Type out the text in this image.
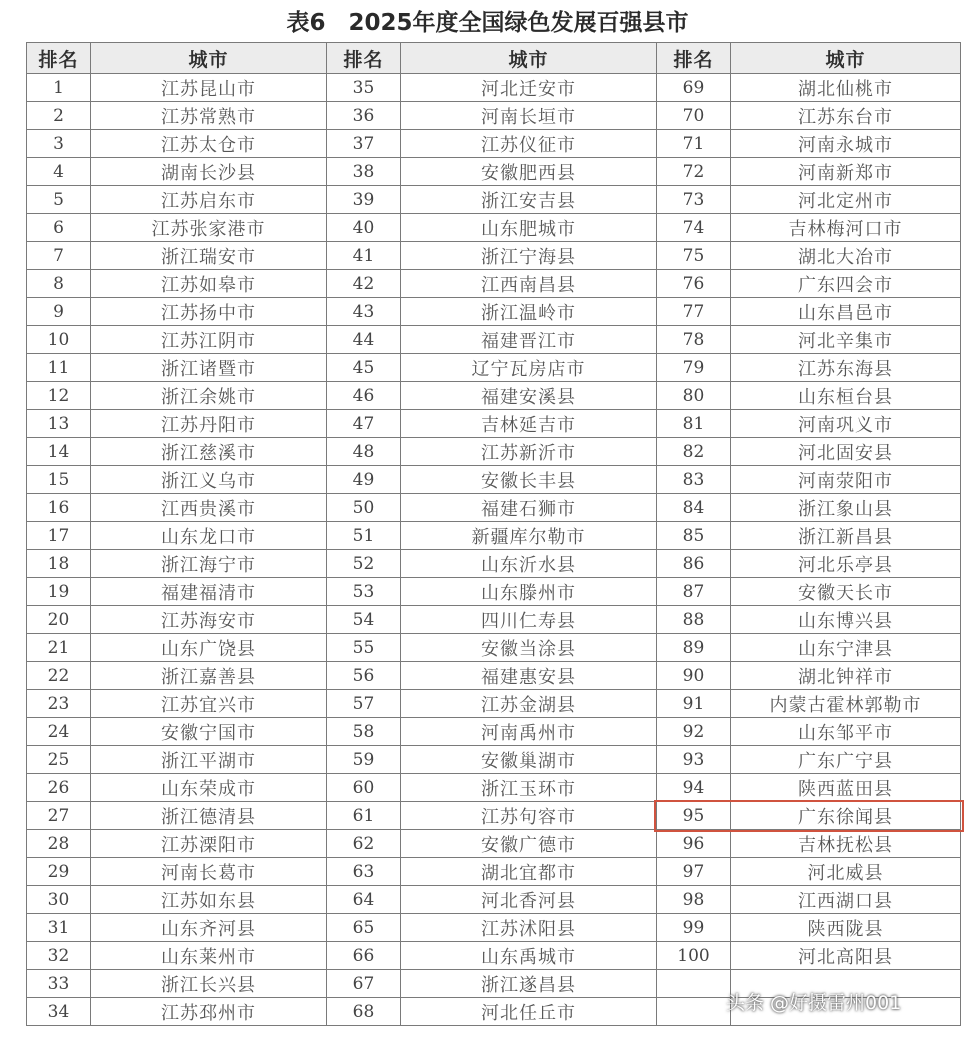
表6　2025年度全国绿色发展百强县市
排名	城市	排名	城市	排名	城市
1	江苏昆山市	35	河北迁安市	69	湖北仙桃市
2	江苏常熟市	36	河南长垣市	70	江苏东台市
3	江苏太仓市	37	江苏仪征市	71	河南永城市
4	湖南长沙县	38	安徽肥西县	72	河南新郑市
5	江苏启东市	39	浙江安吉县	73	河北定州市
6	江苏张家港市	40	山东肥城市	74	吉林梅河口市
7	浙江瑞安市	41	浙江宁海县	75	湖北大冶市
8	江苏如皋市	42	江西南昌县	76	广东四会市
9	江苏扬中市	43	浙江温岭市	77	山东昌邑市
10	江苏江阴市	44	福建晋江市	78	河北辛集市
11	浙江诸暨市	45	辽宁瓦房店市	79	江苏东海县
12	浙江余姚市	46	福建安溪县	80	山东桓台县
13	江苏丹阳市	47	吉林延吉市	81	河南巩义市
14	浙江慈溪市	48	江苏新沂市	82	河北固安县
15	浙江义乌市	49	安徽长丰县	83	河南荥阳市
16	江西贵溪市	50	福建石狮市	84	浙江象山县
17	山东龙口市	51	新疆库尔勒市	85	浙江新昌县
18	浙江海宁市	52	山东沂水县	86	河北乐亭县
19	福建福清市	53	山东滕州市	87	安徽天长市
20	江苏海安市	54	四川仁寿县	88	山东博兴县
21	山东广饶县	55	安徽当涂县	89	山东宁津县
22	浙江嘉善县	56	福建惠安县	90	湖北钟祥市
23	江苏宜兴市	57	江苏金湖县	91	内蒙古霍林郭勒市
24	安徽宁国市	58	河南禹州市	92	山东邹平市
25	浙江平湖市	59	安徽巢湖市	93	广东广宁县
26	山东荣成市	60	浙江玉环市	94	陕西蓝田县
27	浙江德清县	61	江苏句容市	95	广东徐闻县
28	江苏溧阳市	62	安徽广德市	96	吉林抚松县
29	河南长葛市	63	湖北宜都市	97	河北威县
30	江苏如东县	64	河北香河县	98	江西湖口县
31	山东齐河县	65	江苏沭阳县	99	陕西陇县
32	山东莱州市	66	山东禹城市	100	河北高阳县
33	浙江长兴县	67	浙江遂昌县		
34	江苏邳州市	68	河北任丘市			头条 @好摄雷州001
